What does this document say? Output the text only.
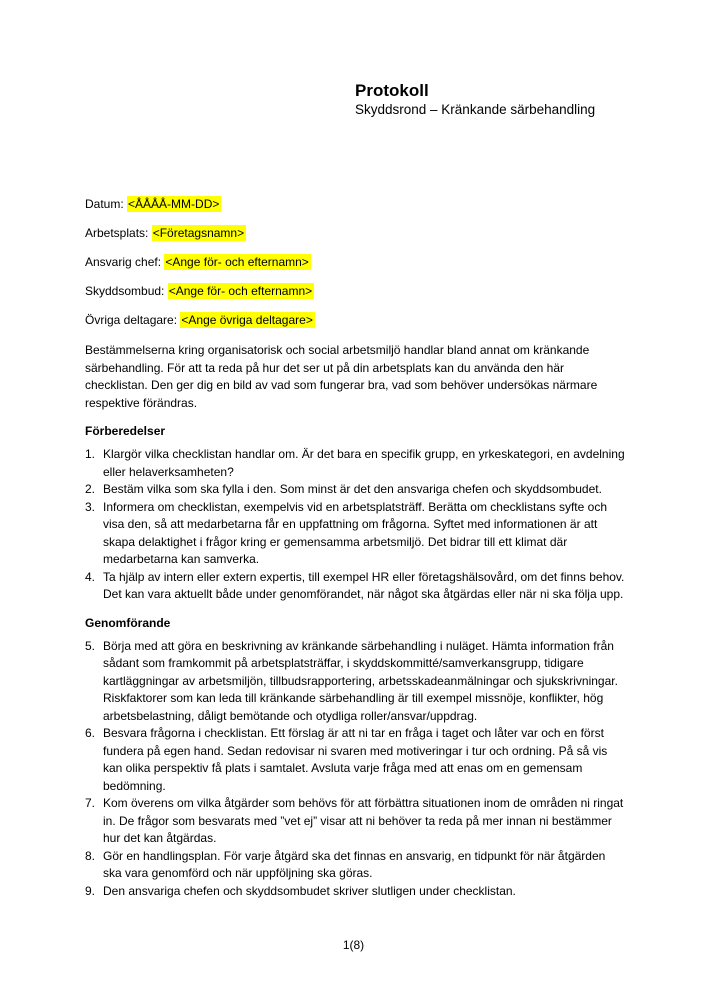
Protokoll
Skyddsrond – Kränkande särbehandling
Datum: <ÅÅÅÅ-MM-DD>
Arbetsplats: <Företagsnamn>
Ansvarig chef: <Ange för- och efternamn>
Skyddsombud: <Ange för- och efternamn>
Övriga deltagare: <Ange övriga deltagare>

Bestämmelserna kring organisatorisk och social arbetsmiljö handlar bland annat om kränkande särbehandling. För att ta reda på hur det ser ut på din arbetsplats kan du använda den här checklistan. Den ger dig en bild av vad som fungerar bra, vad som behöver undersökas närmare respektive förändras.

Förberedelser
1. Klargör vilka checklistan handlar om. Är det bara en specifik grupp, en yrkeskategori, en avdelning eller helaverksamheten?
2. Bestäm vilka som ska fylla i den. Som minst är det den ansvariga chefen och skyddsombudet.
3. Informera om checklistan, exempelvis vid en arbetsplatsträff. Berätta om checklistans syfte och visa den, så att medarbetarna får en uppfattning om frågorna. Syftet med informationen är att skapa delaktighet i frågor kring er gemensamma arbetsmiljö. Det bidrar till ett klimat där medarbetarna kan samverka.
4. Ta hjälp av intern eller extern expertis, till exempel HR eller företagshälsovård, om det finns behov. Det kan vara aktuellt både under genomförandet, när något ska åtgärdas eller när ni ska följa upp.
Genomförande
5. Börja med att göra en beskrivning av kränkande särbehandling i nuläget. Hämta information från sådant som framkommit på arbetsplatsträffar, i skyddskommitté/samverkansgrupp, tidigare kartläggningar av arbetsmiljön, tillbudsrapportering, arbetsskadeanmälningar och sjukskrivningar. Riskfaktorer som kan leda till kränkande särbehandling är till exempel missnöje, konflikter, hög arbetsbelastning, dåligt bemötande och otydliga roller/ansvar/uppdrag.
6. Besvara frågorna i checklistan. Ett förslag är att ni tar en fråga i taget och låter var och en först fundera på egen hand. Sedan redovisar ni svaren med motiveringar i tur och ordning. På så vis kan olika perspektiv få plats i samtalet. Avsluta varje fråga med att enas om en gemensam bedömning.
7. Kom överens om vilka åtgärder som behövs för att förbättra situationen inom de områden ni ringat in. De frågor som besvarats med ”vet ej” visar att ni behöver ta reda på mer innan ni bestämmer hur det kan åtgärdas.
8. Gör en handlingsplan. För varje åtgärd ska det finnas en ansvarig, en tidpunkt för när åtgärden ska vara genomförd och när uppföljning ska göras.
9. Den ansvariga chefen och skyddsombudet skriver slutligen under checklistan.
1(8)
